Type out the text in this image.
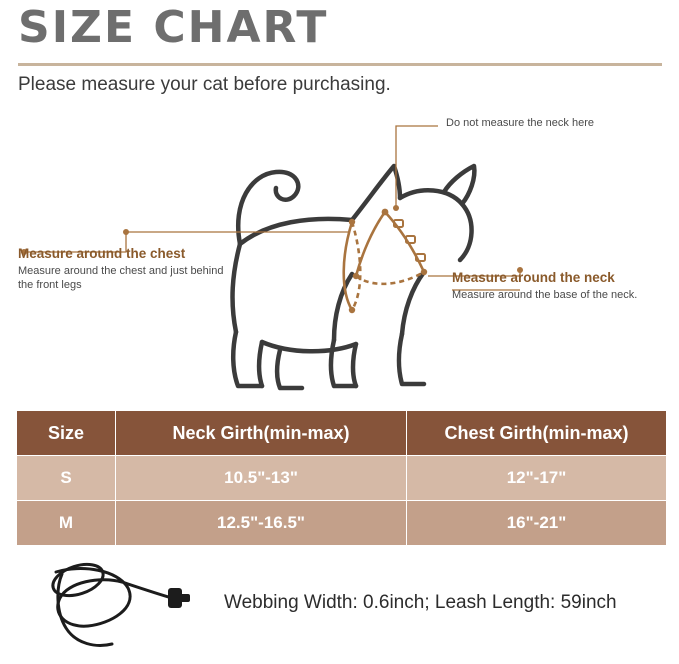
SIZE CHART
Please measure your cat before purchasing.
Do not measure the neck here
Measure around the chest
Measure around the chest and just behind the front legs	Measure around the neck
Measure around the base of the neck.
Size	Neck Girth(min-max)	Chest Girth(min-max)
S	10.5"-13"	12"-17"
M	12.5"-16.5"	16"-21"
Webbing Width: 0.6inch; Leash Length: 59inch
